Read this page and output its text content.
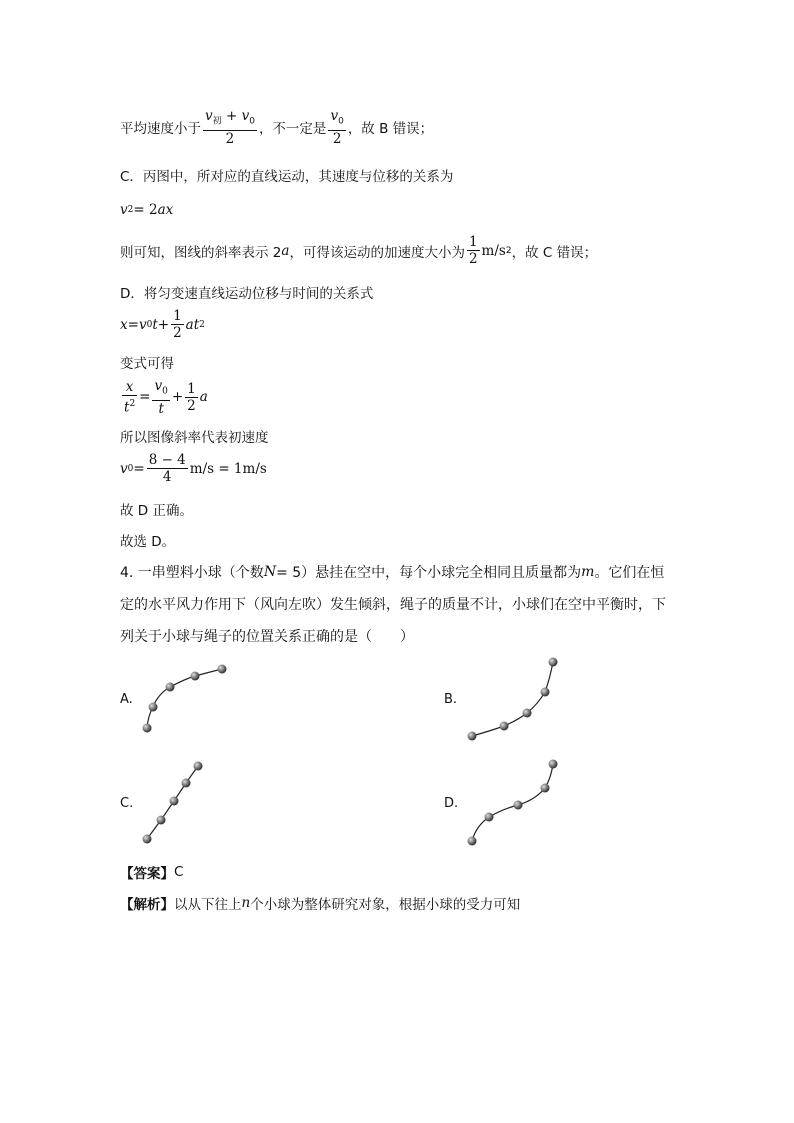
平均速度小于 $\frac{v_初 + v_0}{2}$ ，不一定是 $\frac{v_0}{2}$ ，故 B 错误；
C．丙图中，所对应的直线运动，其速度与位移的关系为
v 2 = 2 a x
则可知，图线的斜率表示 2 a ，可得该运动的加速度大小为 $\frac{1}{2} m/s$ 2 ，故 C 错误；
D．将匀变速直线运动位移与时间的关系式
x = v 0 $t + \frac{1}{2}$ a t 2
变式可得
$\frac{x}{t^2} = \frac{v_0}{t} + \frac{1}{2}$ a
所以图像斜率代表初速度
v $0 = \frac{8 - 4}{4} m/s = 1m/s$
故 D 正确。
故选 D。
4. 一串塑料小球（个数 N = 5）悬挂在空中，每个小球完全相同且质量都为 m 。它们在恒
定的水平风力作用下（风向左吹）发生倾斜，绳子的质量不计，小球们在空中平衡时，下
列关于小球与绳子的位置关系正确的是（　　）
A.	B.
C.	D.
【答案】 C
【解析】 以从下往上 n 个小球为整体研究对象，根据小球的受力可知
